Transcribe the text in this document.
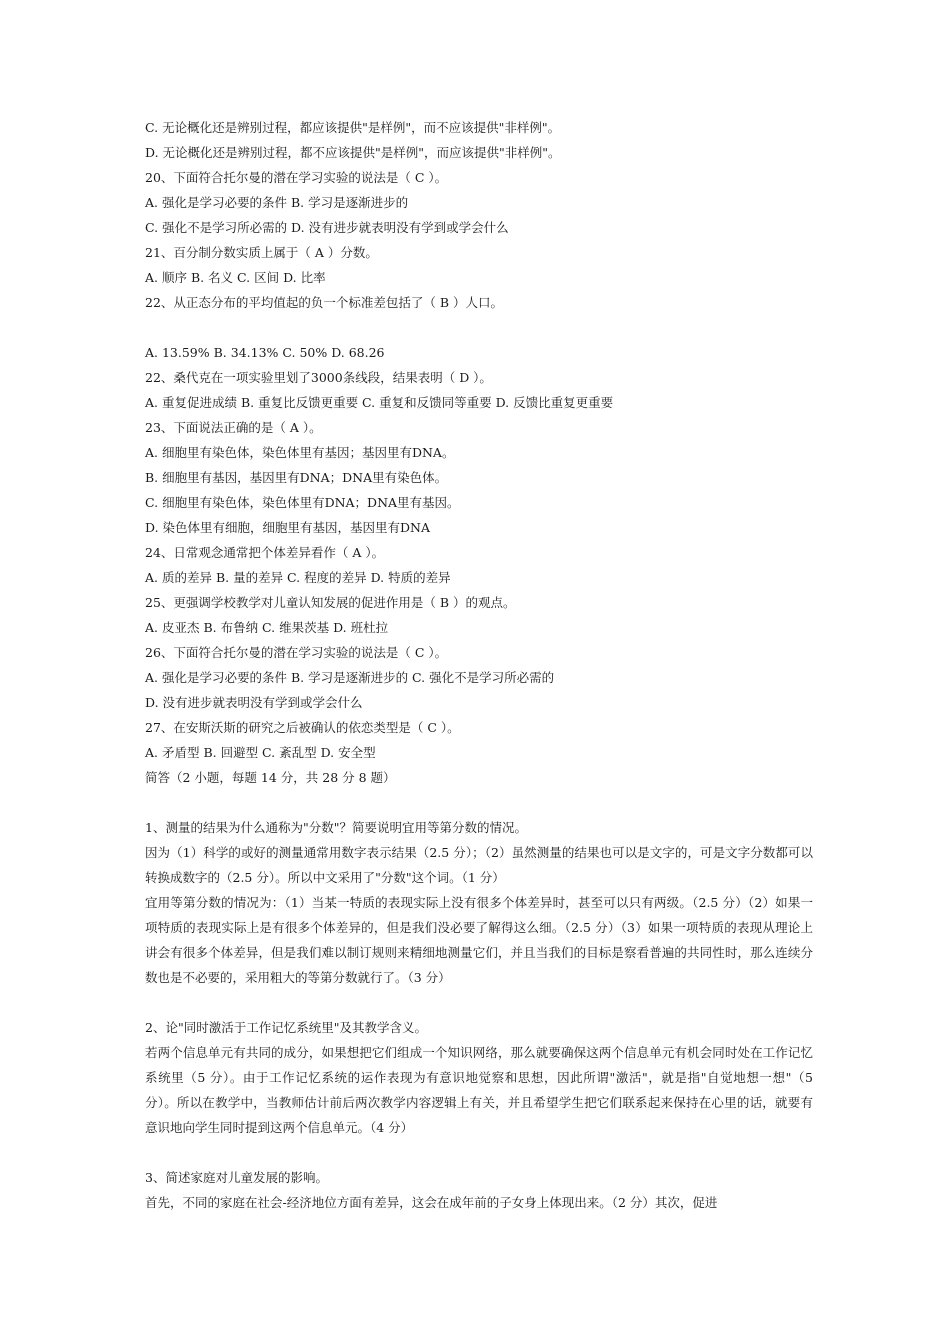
C. 无论概化还是辨别过程，都应该提供"是样例"，而不应该提供"非样例"。

D. 无论概化还是辨别过程，都不应该提供"是样例"，而应该提供"非样例"。

20、下面符合托尔曼的潜在学习实验的说法是（ C ）。

A. 强化是学习必要的条件 B. 学习是逐渐进步的

C. 强化不是学习所必需的 D. 没有进步就表明没有学到或学会什么

21、百分制分数实质上属于（ A ）分数。

A. 顺序 B. 名义 C. 区间 D. 比率

22、从正态分布的平均值起的负一个标准差包括了（ B ）人口。

A. 13.59% B. 34.13% C. 50% D. 68.26

22、桑代克在一项实验里划了3000条线段，结果表明（ D ）。

A. 重复促进成绩 B. 重复比反馈更重要 C. 重复和反馈同等重要 D. 反馈比重复更重要

23、下面说法正确的是（ A ）。

A. 细胞里有染色体，染色体里有基因；基因里有DNA。

B. 细胞里有基因，基因里有DNA；DNA里有染色体。

C. 细胞里有染色体，染色体里有DNA；DNA里有基因。

D. 染色体里有细胞，细胞里有基因，基因里有DNA

24、日常观念通常把个体差异看作（ A ）。

A. 质的差异 B. 量的差异 C. 程度的差异 D. 特质的差异

25、更强调学校教学对儿童认知发展的促进作用是（ B ）的观点。

A. 皮亚杰 B. 布鲁纳 C. 维果茨基 D. 班杜拉

26、下面符合托尔曼的潜在学习实验的说法是（ C ）。

A. 强化是学习必要的条件 B. 学习是逐渐进步的 C. 强化不是学习所必需的

D. 没有进步就表明没有学到或学会什么

27、在安斯沃斯的研究之后被确认的依恋类型是（ C ）。

A. 矛盾型 B. 回避型 C. 紊乱型 D. 安全型

简答（2 小题，每题 14 分，共 28 分 8 题）

1、测量的结果为什么通称为"分数"？简要说明宜用等第分数的情况。

因为（1）科学的或好的测量通常用数字表示结果（2.5 分）；（2）虽然测量的结果也可以是文字的，可是文字分数都可以转换成数字的（2.5 分）。所以中文采用了"分数"这个词。（1 分）

宜用等第分数的情况为：（1）当某一特质的表现实际上没有很多个体差异时，甚至可以只有两级。（2.5 分）（2）如果一项特质的表现实际上是有很多个体差异的，但是我们没必要了解得这么细。（2.5 分）（3）如果一项特质的表现从理论上讲会有很多个体差异，但是我们难以制订规则来精细地测量它们，并且当我们的目标是察看普遍的共同性时，那么连续分数也是不必要的，采用粗大的等第分数就行了。（3 分）

2、论"同时激活于工作记忆系统里"及其教学含义。

若两个信息单元有共同的成分，如果想把它们组成一个知识网络，那么就要确保这两个信息单元有机会同时处在工作记忆系统里（5 分）。由于工作记忆系统的运作表现为有意识地觉察和思想，因此所谓"激活"，就是指"自觉地想一想"（5 分）。所以在教学中，当教师估计前后两次教学内容逻辑上有关，并且希望学生把它们联系起来保持在心里的话，就要有意识地向学生同时提到这两个信息单元。（4 分）

3、简述家庭对儿童发展的影响。

首先，不同的家庭在社会-经济地位方面有差异，这会在成年前的子女身上体现出来。（2 分）其次，促进
